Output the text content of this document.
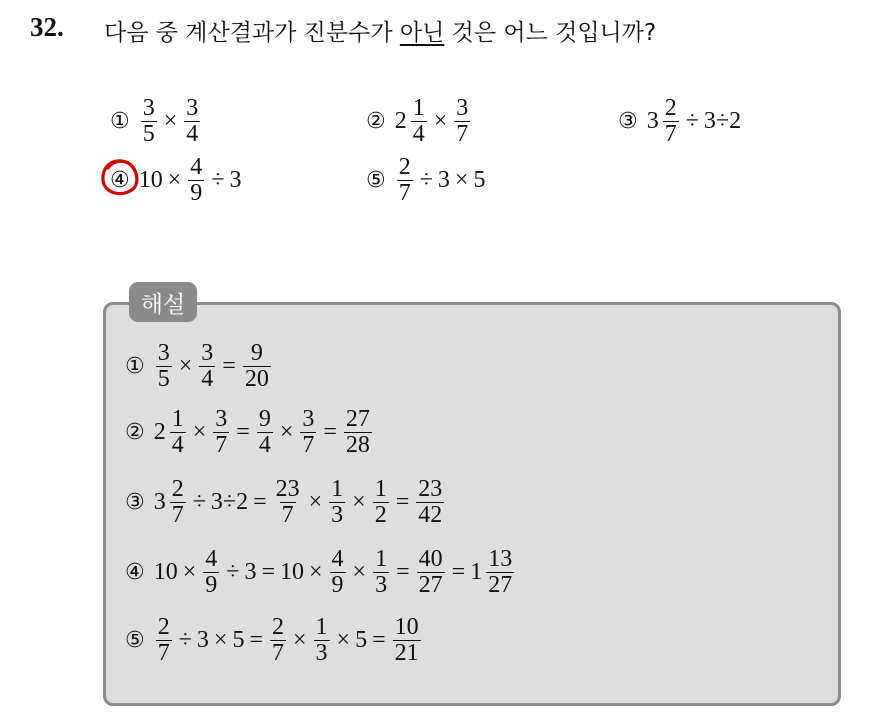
32. 다음 중 계산결과가 진분수가 아닌 것은 어느 것입니까?
① $\frac{3}{5} \times \frac{3}{4}$	② $2 \frac{1}{4} \times \frac{3}{7}$	③ $3 \frac{2}{7} \div 3\div 2$
④ $10 \times \frac{4}{9} \div 3$	⑤ $\frac{2}{7} \div 3 \times 5$
해설
① $\frac{3}{5} \times \frac{3}{4} = \frac{9}{20}$
② $2 \frac{1}{4} \times \frac{3}{7} = \frac{9}{4} \times \frac{3}{7} = \frac{27}{28}$
③ $3 \frac{2}{7} \div 3\div 2 = \frac{23}{7} \times \frac{1}{3} \times \frac{1}{2} = \frac{23}{42}$
④ $10 \times \frac{4}{9} \div 3 = 10 \times \frac{4}{9} \times \frac{1}{3} = \frac{40}{27} = 1 \frac{13}{27}$
⑤ $\frac{2}{7} \div 3 \times 5 = \frac{2}{7} \times \frac{1}{3} \times 5 = \frac{10}{21}$
